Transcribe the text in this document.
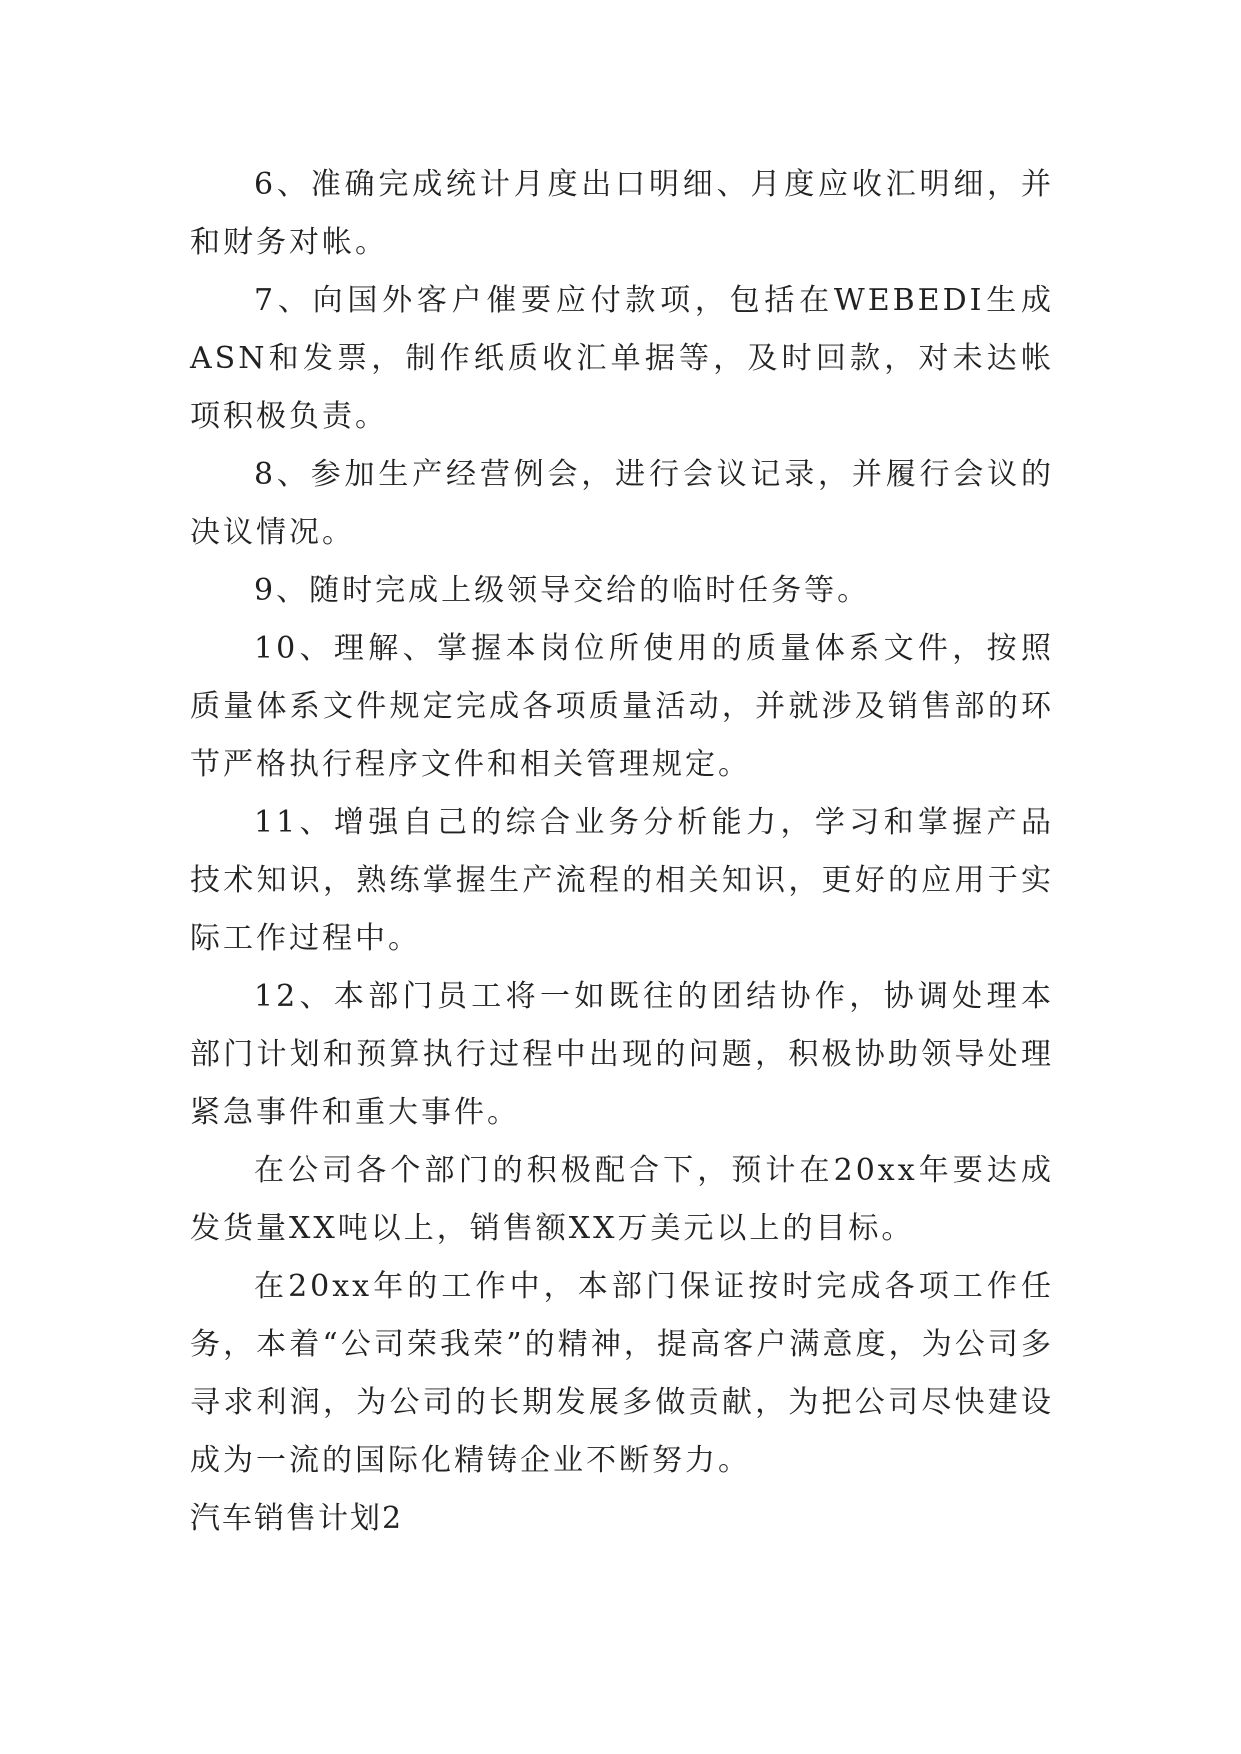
6、准确完成统计月度出口明细、月度应收汇明细，并和财务对帐。

7、向国外客户催要应付款项，包括在WEBEDI生成ASN和发票，制作纸质收汇单据等，及时回款，对未达帐项积极负责。

8、参加生产经营例会，进行会议记录，并履行会议的决议情况。

9、随时完成上级领导交给的临时任务等。

10、理解、掌握本岗位所使用的质量体系文件，按照质量体系文件规定完成各项质量活动，并就涉及销售部的环节严格执行程序文件和相关管理规定。

11、增强自己的综合业务分析能力，学习和掌握产品技术知识，熟练掌握生产流程的相关知识，更好的应用于实际工作过程中。

12、本部门员工将一如既往的团结协作，协调处理本部门计划和预算执行过程中出现的问题，积极协助领导处理紧急事件和重大事件。

在公司各个部门的积极配合下，预计在20xx年要达成发货量XX吨以上，销售额XX万美元以上的目标。

在20xx年的工作中，本部门保证按时完成各项工作任务，本着“公司荣我荣”的精神，提高客户满意度，为公司多寻求利润，为公司的长期发展多做贡献，为把公司尽快建设成为一流的国际化精铸企业不断努力。

汽车销售计划2
